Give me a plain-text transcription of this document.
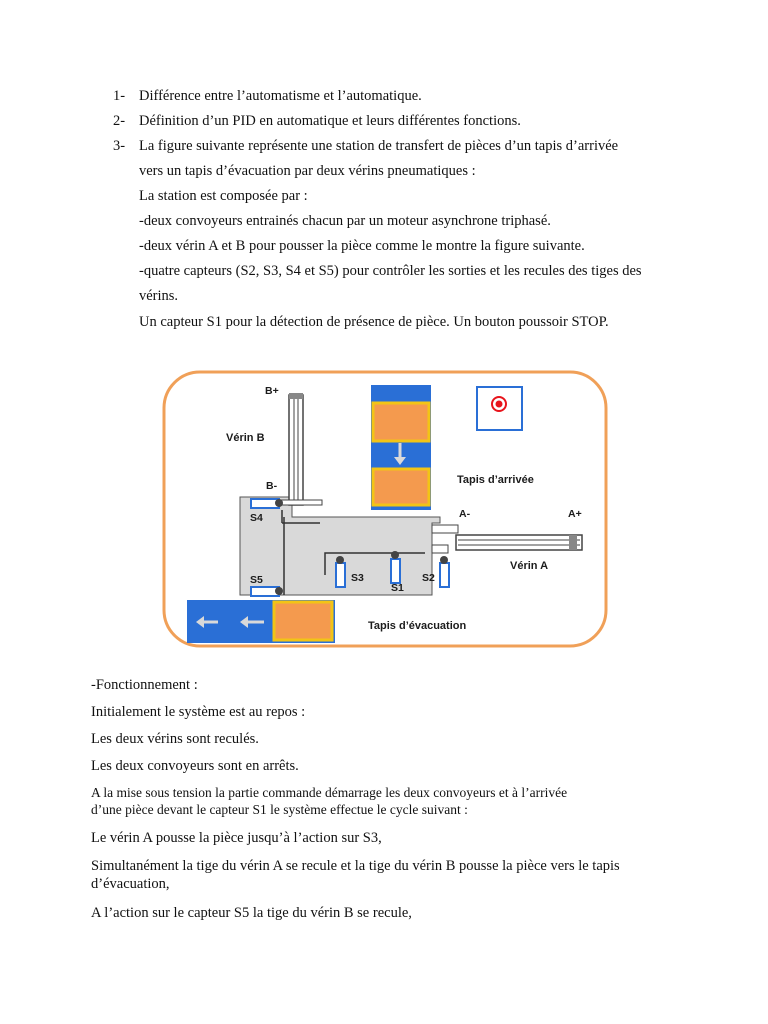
1- Différence entre l’automatisme et l’automatique.
2- Définition d’un PID en automatique et leurs différentes fonctions.
3- La figure suivante représente une station de transfert de pièces d’un tapis d’arrivée
vers un tapis d’évacuation par deux vérins pneumatiques :
La station est composée par :
-deux convoyeurs entrainés chacun par un moteur asynchrone triphasé.
-deux vérin A et B pour pousser la pièce comme le montre la figure suivante.
-quatre capteurs (S2, S3, S4 et S5) pour contrôler les sorties et les recules des tiges des
vérins.
Un capteur S1 pour la détection de présence de pièce. Un bouton poussoir STOP.
B+
B-
Vérin B
Tapis d’arrivée
A-	A+
Vérin A
S4
S5	S3
S1
S2
Tapis d’évacuation
-Fonctionnement :
Initialement le système est au repos :
Les deux vérins sont reculés.
Les deux convoyeurs sont en arrêts.
A la mise sous tension la partie commande démarrage les deux convoyeurs et à l’arrivée
d’une pièce devant le capteur S1 le système effectue le cycle suivant :
Le vérin A pousse la pièce jusqu’à l’action sur S3,
Simultanément la tige du vérin A se recule et la tige du vérin B pousse la pièce vers le tapis
d’évacuation,
A l’action sur le capteur S5 la tige du vérin B se recule,
